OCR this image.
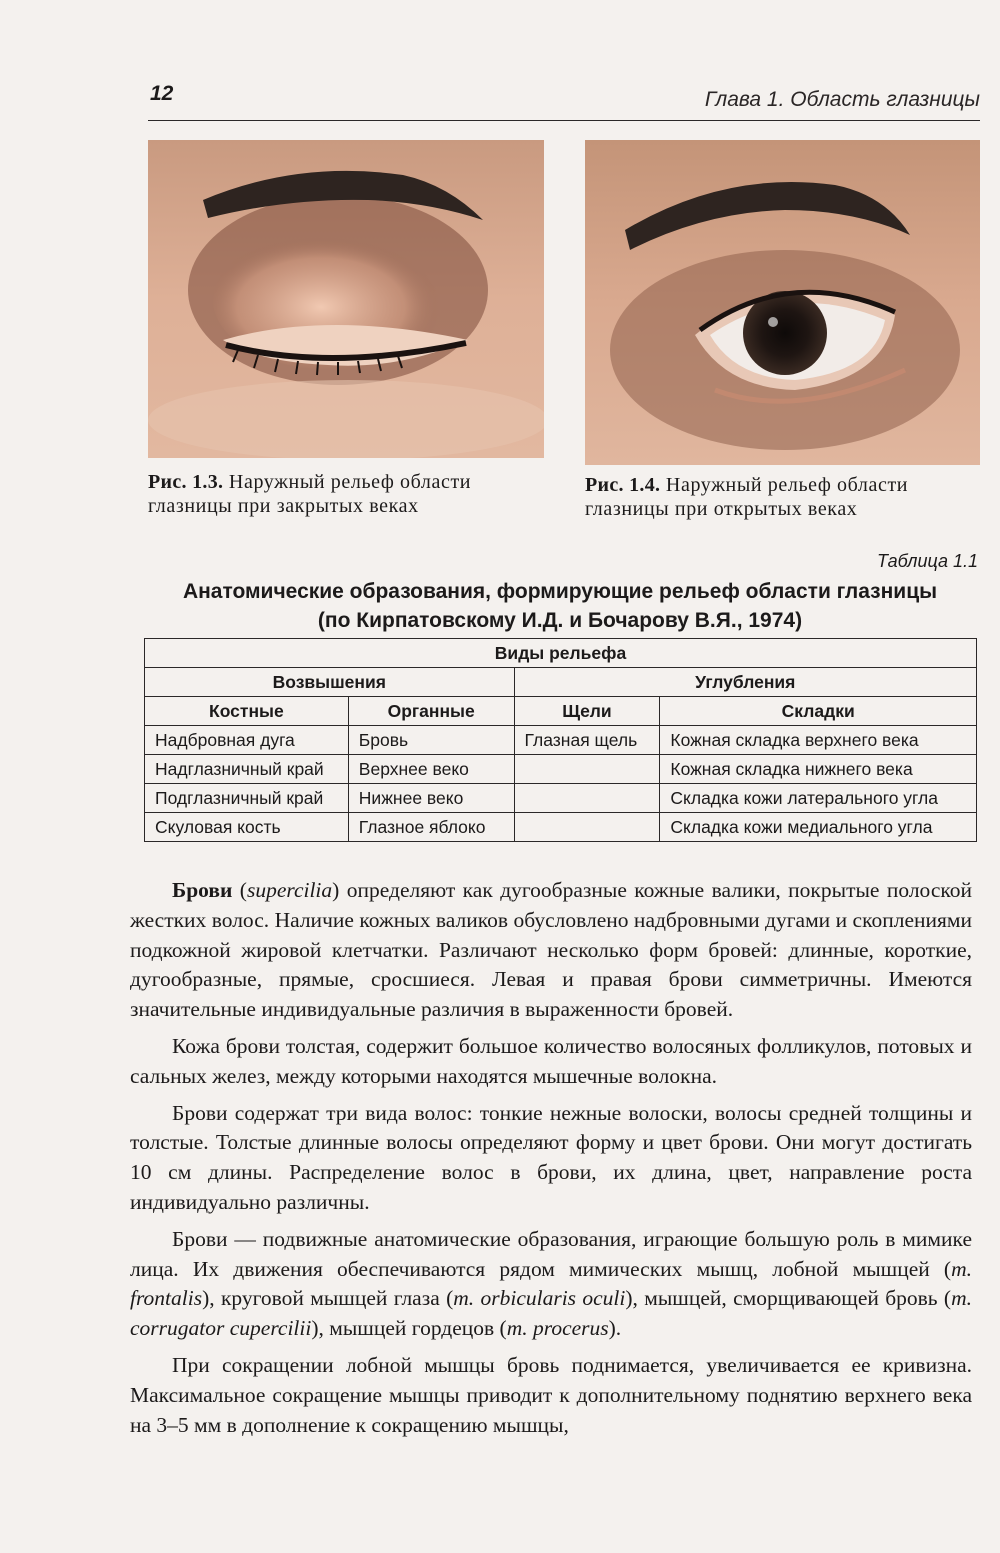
12	Глава 1. Область глазницы
Рис. 1.3. Наружный рельеф области глазницы при закрытых веках
Рис. 1.4. Наружный рельеф области глазницы при открытых веках
Таблица 1.1
Анатомические образования, формирующие рельеф области глазницы
(по Кирпатовскому И.Д. и Бочарову В.Я., 1974)
Виды рельефа			
Возвышения		Углубления	
Костные	Органные	Щели	Складки
Надбровная дуга	Бровь	Глазная щель	Кожная складка верхнего века
Надглазничный край	Верхнее веко		Кожная складка нижнего века
Подглазничный край	Нижнее веко		Складка кожи латерального угла
Скуловая кость	Глазное яблоко		Складка кожи медиального угла

Брови (supercilia) определяют как дугообразные кожные валики, покрытые полоской жестких волос. Наличие кожных валиков обусловлено надбровными дугами и скоплениями подкожной жировой клетчатки. Различают несколько форм бровей: длинные, короткие, дугообразные, прямые, сросшиеся. Левая и правая брови симметричны. Имеются значительные индивидуальные различия в выраженности бровей.

Кожа брови толстая, содержит большое количество волосяных фолликулов, потовых и сальных желез, между которыми находятся мышечные волокна.

Брови содержат три вида волос: тонкие нежные волоски, волосы средней толщины и толстые. Толстые длинные волосы определяют форму и цвет брови. Они могут достигать 10 см длины. Распределение волос в брови, их длина, цвет, направление роста индивидуально различны.

Брови — подвижные анатомические образования, играющие большую роль в мимике лица. Их движения обеспечиваются рядом мимических мышц, лобной мышцей (m. frontalis), круговой мышцей глаза (m. orbicularis oculi), мышцей, сморщивающей бровь (m. corrugator cupercilii), мышцей гордецов (m. procerus).

При сокращении лобной мышцы бровь поднимается, увеличивается ее кривизна. Максимальное сокращение мышцы приводит к дополнительному поднятию верхнего века на 3–5 мм в дополнение к сокращению мышцы,
